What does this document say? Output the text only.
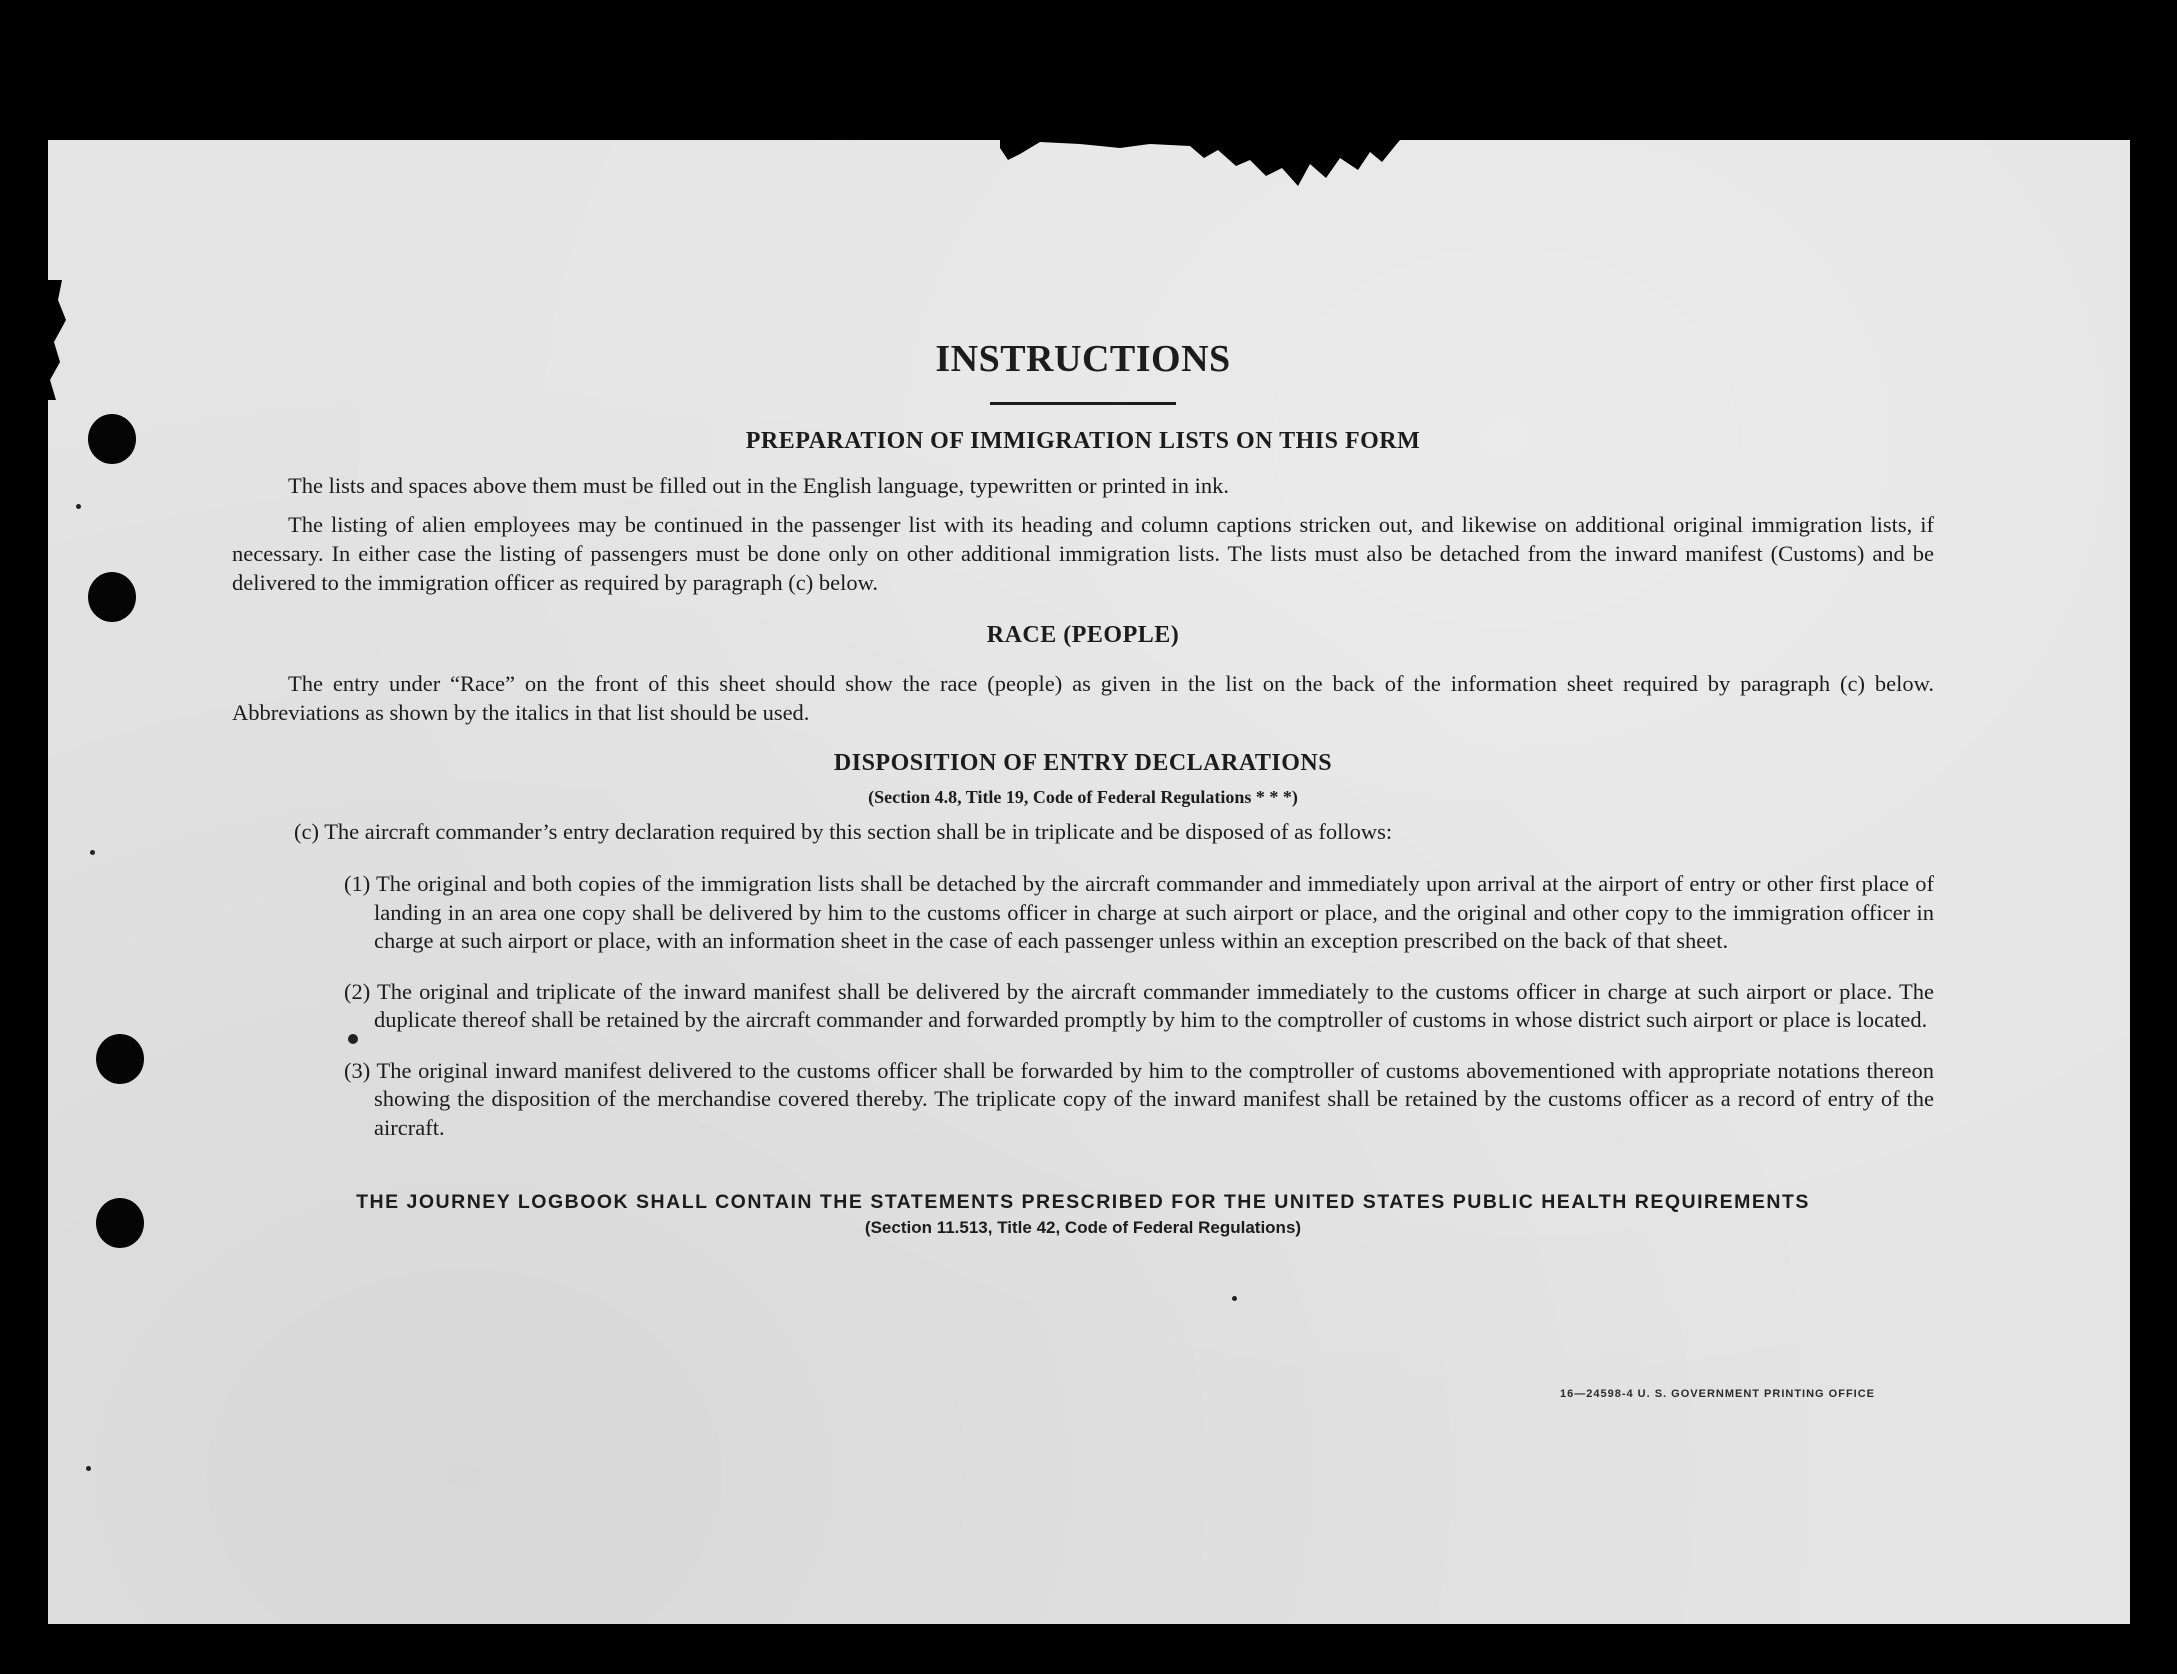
INSTRUCTIONS
PREPARATION OF IMMIGRATION LISTS ON THIS FORM

The lists and spaces above them must be filled out in the English language, typewritten or printed in ink.

The listing of alien employees may be continued in the passenger list with its heading and column captions stricken out, and likewise on additional original immigration lists, if necessary. In either case the listing of passengers must be done only on other additional immigration lists. The lists must also be detached from the inward manifest (Customs) and be delivered to the immigration officer as required by paragraph (c) below.

RACE (PEOPLE)

The entry under “Race” on the front of this sheet should show the race (people) as given in the list on the back of the information sheet required by paragraph (c) below. Abbreviations as shown by the italics in that list should be used.

DISPOSITION OF ENTRY DECLARATIONS
(Section 4.8, Title 19, Code of Federal Regulations * * *)

(c) The aircraft commander’s entry declaration required by this section shall be in triplicate and be disposed of as follows:

(1) The original and both copies of the immigration lists shall be detached by the aircraft commander and immediately upon arrival at the airport of entry or other first place of landing in an area one copy shall be delivered by him to the customs officer in charge at such airport or place, and the original and other copy to the immigration officer in charge at such airport or place, with an information sheet in the case of each passenger unless within an exception prescribed on the back of that sheet.

(2) The original and triplicate of the inward manifest shall be delivered by the aircraft commander immediately to the customs officer in charge at such airport or place. The duplicate thereof shall be retained by the aircraft commander and forwarded promptly by him to the comptroller of customs in whose district such airport or place is located.

(3) The original inward manifest delivered to the customs officer shall be forwarded by him to the comptroller of customs abovementioned with appropriate notations thereon showing the disposition of the merchandise covered thereby. The triplicate copy of the inward manifest shall be retained by the customs officer as a record of entry of the aircraft.

THE JOURNEY LOGBOOK SHALL CONTAIN THE STATEMENTS PRESCRIBED FOR THE UNITED STATES PUBLIC HEALTH REQUIREMENTS

(Section 11.513, Title 42, Code of Federal Regulations)

16—24598-4 U. S. GOVERNMENT PRINTING OFFICE
